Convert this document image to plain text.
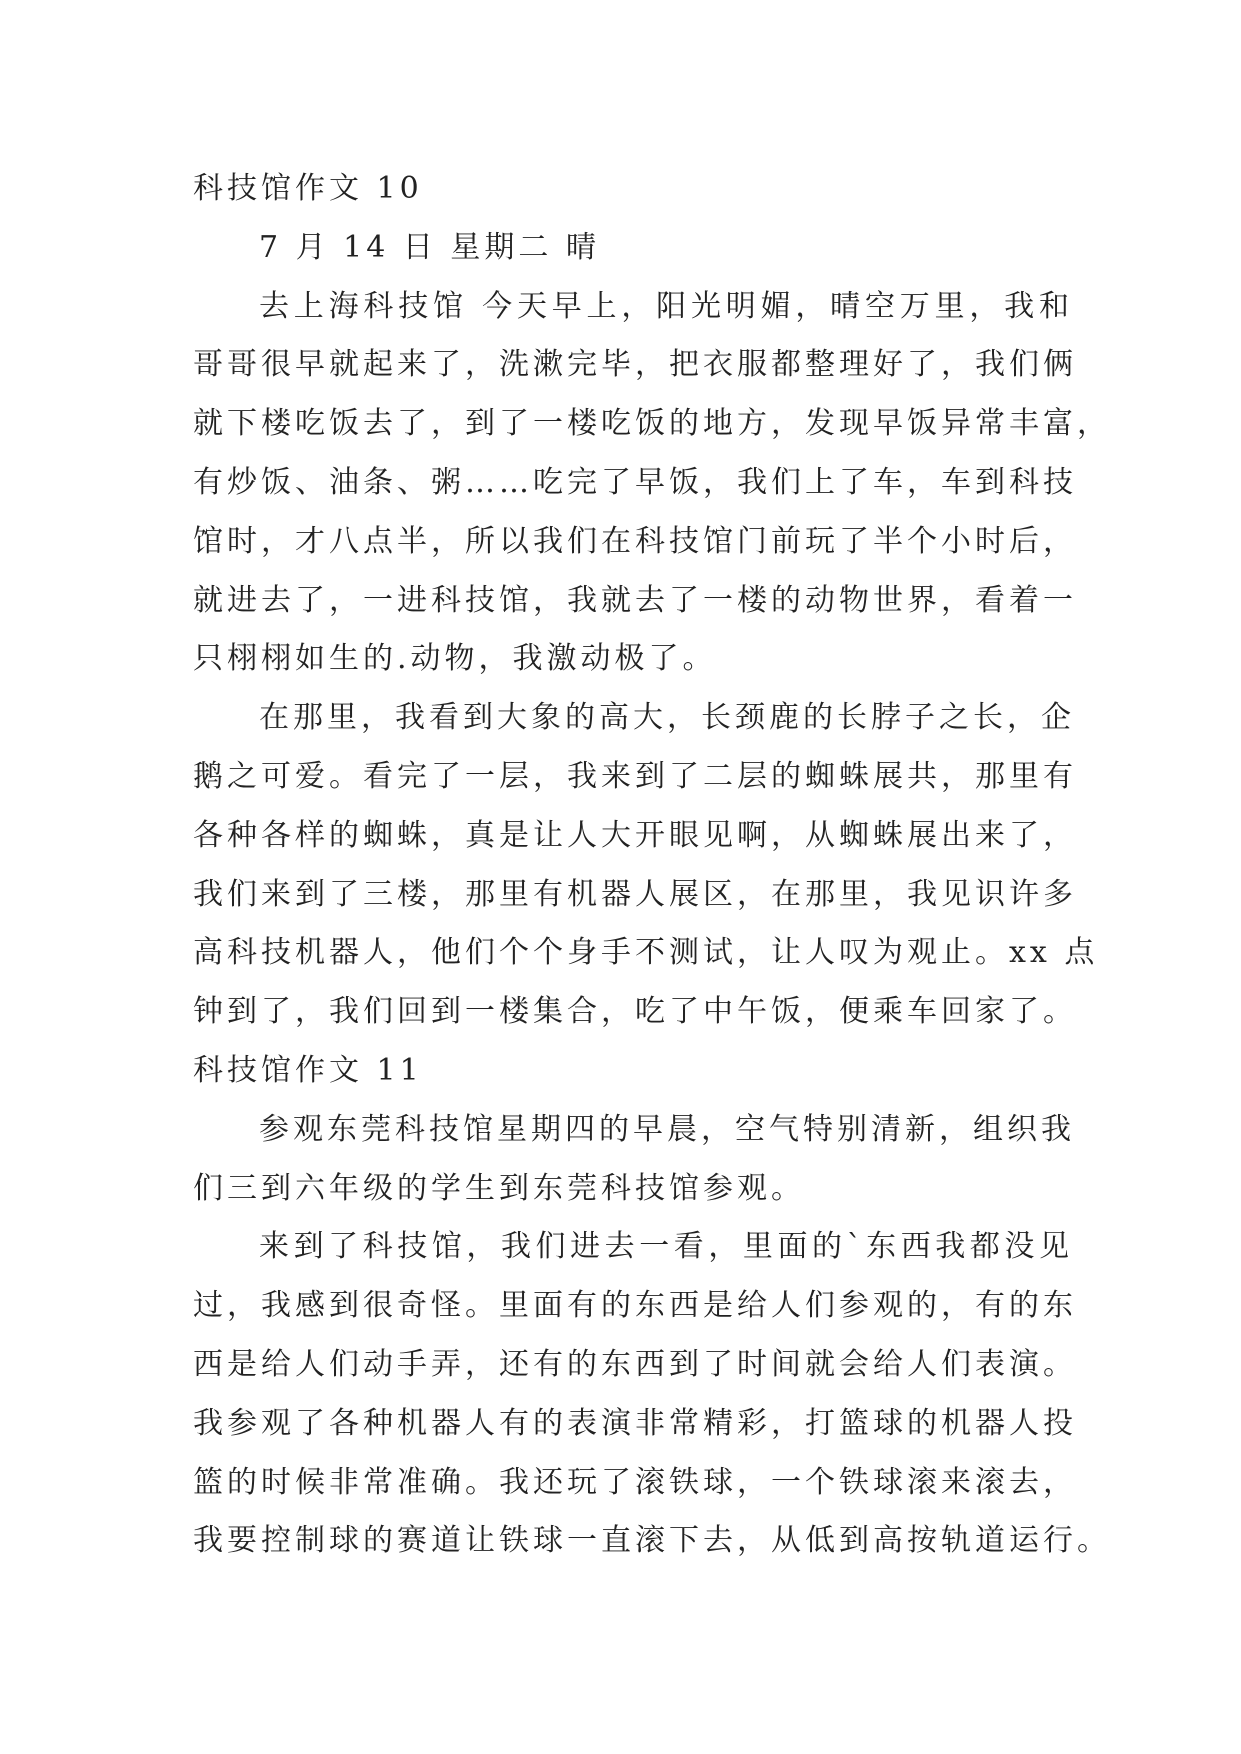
科技馆作文 10
7 月 14 日 星期二 晴
去上海科技馆 今天早上，阳光明媚，晴空万里，我和
哥哥很早就起来了，洗漱完毕，把衣服都整理好了，我们俩
就下楼吃饭去了，到了一楼吃饭的地方，发现早饭异常丰富，
有炒饭、油条、粥……吃完了早饭，我们上了车，车到科技
馆时，才八点半，所以我们在科技馆门前玩了半个小时后，
就进去了，一进科技馆，我就去了一楼的动物世界，看着一
只栩栩如生的.动物，我激动极了。
在那里，我看到大象的高大，长颈鹿的长脖子之长，企
鹅之可爱。看完了一层，我来到了二层的蜘蛛展共，那里有
各种各样的蜘蛛，真是让人大开眼见啊，从蜘蛛展出来了，
我们来到了三楼，那里有机器人展区，在那里，我见识许多
高科技机器人，他们个个身手不测试，让人叹为观止。xx 点
钟到了，我们回到一楼集合，吃了中午饭，便乘车回家了。
科技馆作文 11
参观东莞科技馆星期四的早晨，空气特别清新，组织我
们三到六年级的学生到东莞科技馆参观。
来到了科技馆，我们进去一看，里面的`东西我都没见
过，我感到很奇怪。里面有的东西是给人们参观的，有的东
西是给人们动手弄，还有的东西到了时间就会给人们表演。
我参观了各种机器人有的表演非常精彩，打篮球的机器人投
篮的时候非常准确。我还玩了滚铁球，一个铁球滚来滚去，
我要控制球的赛道让铁球一直滚下去，从低到高按轨道运行。
